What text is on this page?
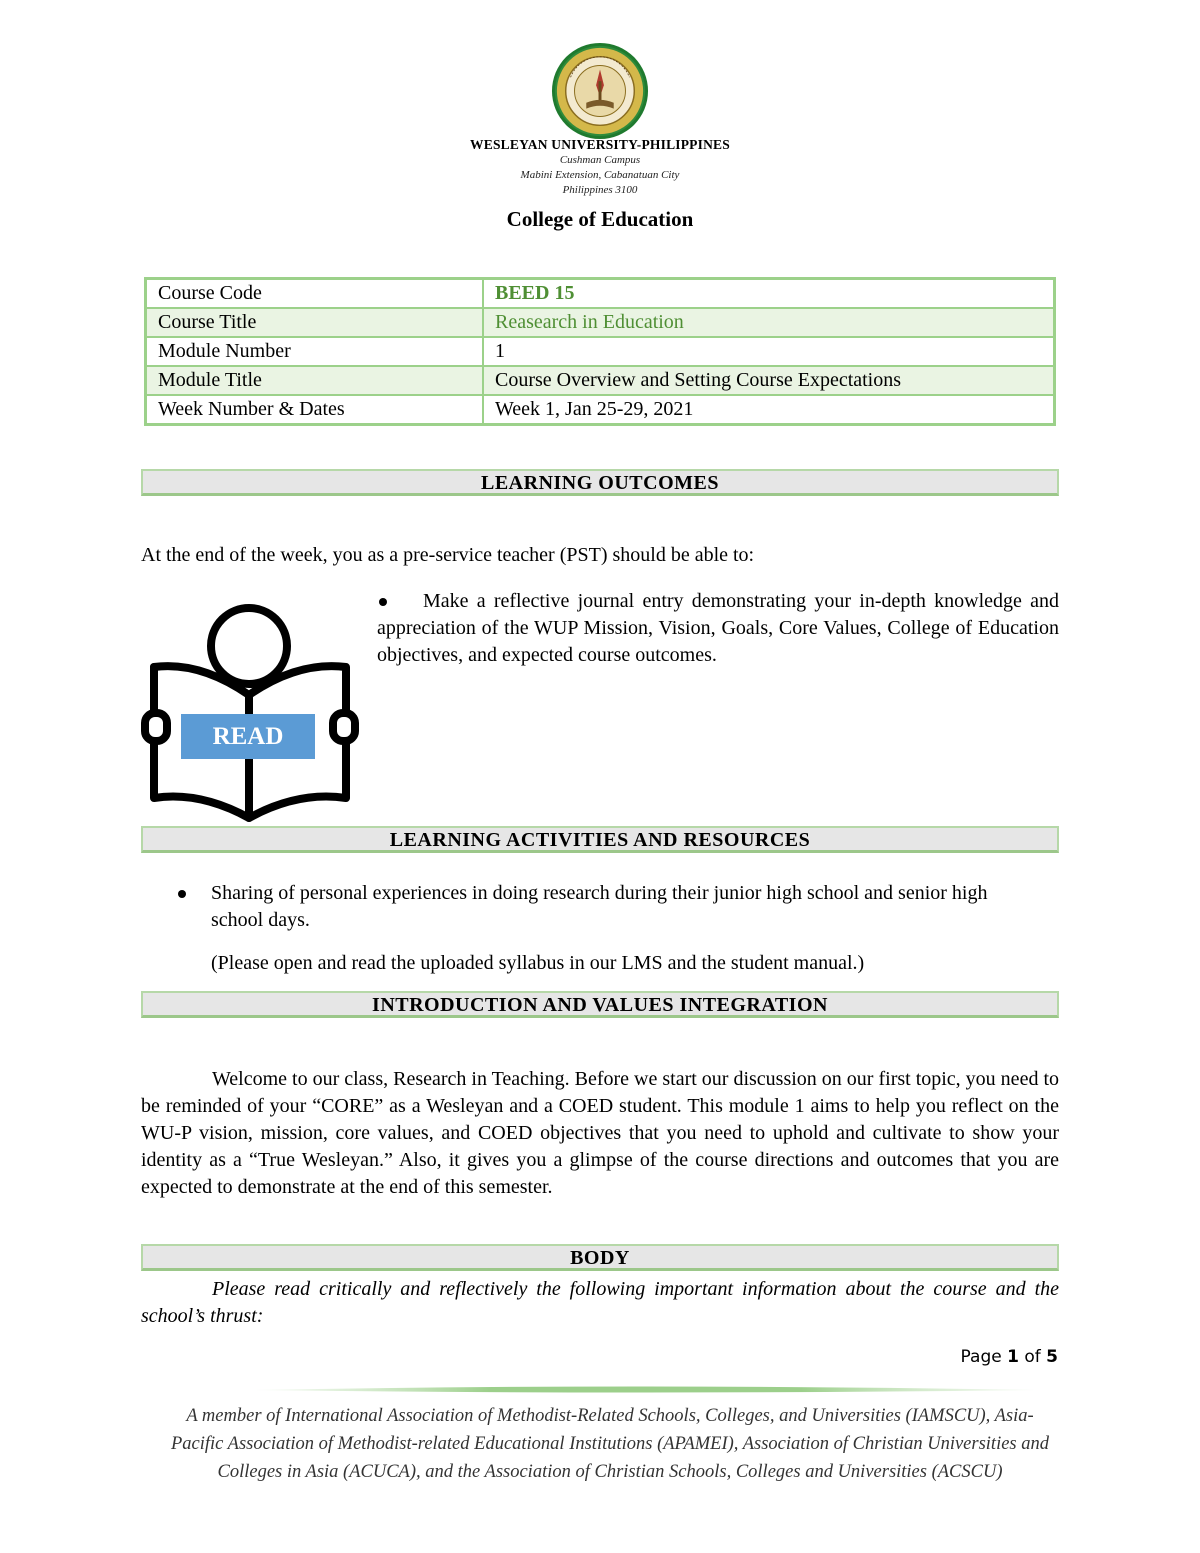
WESLEYAN UNIVERSITY-PHILIPPINES
Cushman Campus
Mabini Extension, Cabanatuan City
Philippines 3100
College of Education
Course Code	BEED 15
Course Title	Reasearch in Education
Module Number	1
Module Title	Course Overview and Setting Course Expectations
Week Number & Dates	Week 1, Jan 25-29, 2021
LEARNING OUTCOMES
At the end of the week, you as a pre-service teacher (PST) should be able to:
Make a reflective journal entry demonstrating your in-depth knowledge and appreciation of the WUP Mission, Vision, Goals, Core Values, College of Education objectives, and expected course outcomes.
READ
LEARNING ACTIVITIES AND RESOURCES
Sharing of personal experiences in doing research during their junior high school and senior high school days.
(Please open and read the uploaded syllabus in our LMS and the student manual.)
INTRODUCTION AND VALUES INTEGRATION
Welcome to our class, Research in Teaching. Before we start our discussion on our first topic, you need to be reminded of your “CORE” as a Wesleyan and a COED student. This module 1 aims to help you reflect on the WU-P vision, mission, core values, and COED objectives that you need to uphold and cultivate to show your identity as a “True Wesleyan.” Also, it gives you a glimpse of the course directions and outcomes that you are expected to demonstrate at the end of this semester.
BODY
Please read critically and reflectively the following important information about the course and the school’s thrust:
Page 1 of 5
A member of International Association of Methodist-Related Schools, Colleges, and Universities (IAMSCU), Asia-
Pacific Association of Methodist-related Educational Institutions (APAMEI), Association of Christian Universities and
Colleges in Asia (ACUCA), and the Association of Christian Schools, Colleges and Universities (ACSCU)
